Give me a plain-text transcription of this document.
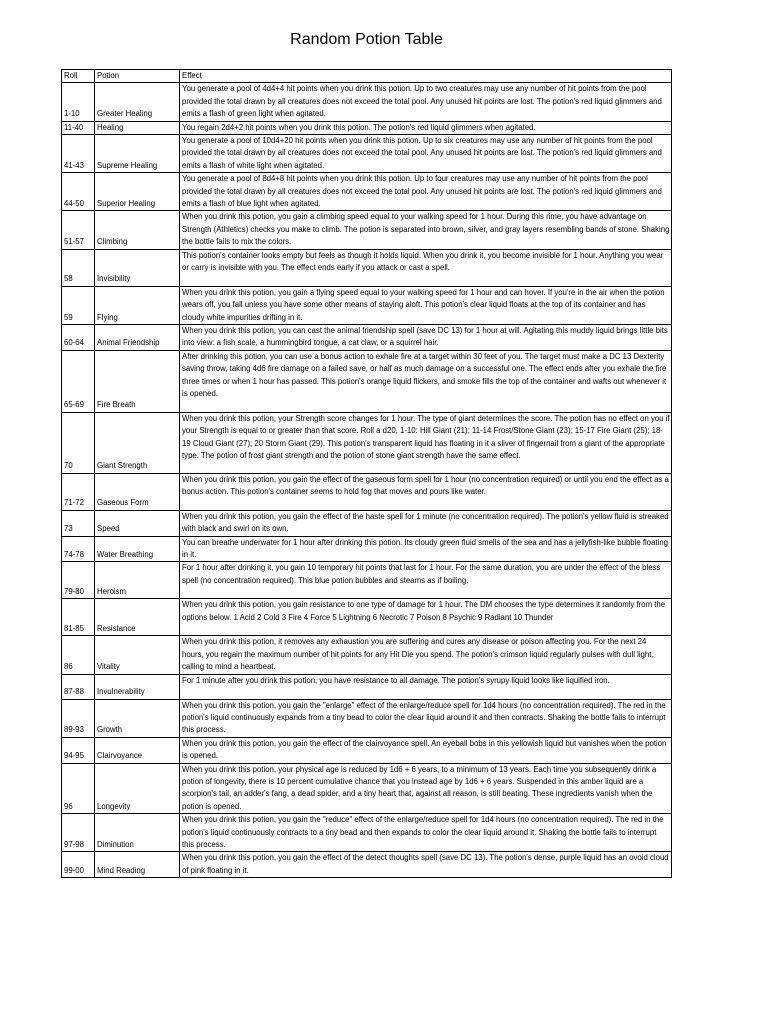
Random Potion Table
Roll	Potion	Effect
1-10	Greater Healing	You generate a pool of 4d4+4 hit points when you drink this potion. Up to two creatures may use any number of hit points from the pool provided the total drawn by all creatures does not exceed the total pool. Any unused hit points are lost. The potion's red liquid glimmers and emits a flash of green light when agitated.
11-40	Healing	You regain 2d4+2 hit points when you drink this potion. The potion's red liquid glimmers when agitated.
41-43	Supreme Healing	You generate a pool of 10d4+20 hit points when you drink this potion. Up to six creatures may use any number of hit points from the pool provided the total drawn by all creatures does not exceed the total pool. Any unused hit points are lost. The potion's red liquid glimmers and emits a flash of white light when agitated.
44-50	Superior Healing	You generate a pool of 8d4+8 hit points when you drink this potion. Up to four creatures may use any number of hit points from the pool provided the total drawn by all creatures does not exceed the total pool. Any unused hit points are lost. The potion's red liquid glimmers and emits a flash of blue light when agitated.
51-57	Climbing	When you drink this potion, you gain a climbing speed equal to your walking speed for 1 hour. During this rime, you have advantage on Strength (Athletics) checks you make to climb. The potion is separated into brown, silver, and gray layers resembling bands of stone. Shaking the bottle fails to mix the colors.
58	Invisibility	This potion's container looks empty but feels as though it holds liquid. When you drink it, you become invisible for 1 hour. Anything you wear or carry is invisible with you. The effect ends early if you attack or cast a spell.
59	Flying	When you drink this potion, you gain a flying speed equal to your walking speed for 1 hour and can hover. If you're in the air when the potion wears off, you fall unless you have some other means of staying aloft. This potion's clear liquid floats at the top of its container and has cloudy white impurities drifting in it.
60-64	Animal Friendship	When you drink this potion, you can cast the animal friendship spell (save DC 13) for 1 hour at will. Agitating this muddy liquid brings little bits into view: a fish scale, a hummingbird tongue, a cat claw, or a squirrel hair.
65-69	Fire Breath	After drinking this potion, you can use a bonus action to exhale fire at a target within 30 feet of you. The target must make a DC 13 Dexterity saving throw, taking 4d6 fire damage on a failed save, or half as much damage on a successful one. The effect ends after you exhale the fire three times or when 1 hour has passed. This potion's orange liquid flickers, and smoke fills the top of the container and wafts out whenever it is opened.
70	Giant Strength	When you drink this potion, your Strength score changes for 1 hour. The type of giant determines the score. The potion has no effect on you if your Strength is equal to or greater than that score. Roll a d20, 1-10: Hill Giant (21); 11-14 Frost/Stone Giant (23); 15-17 Fire Giant (25); 18-19 Cloud Giant (27); 20 Storm Giant (29). This potion's transparent liquid has floating in it a sliver of fingernail from a giant of the appropriate type. The potion of frost giant strength and the potion of stone giant strength have the same effect.
71-72	Gaseous Form	When you drink this potion, you gain the effect of the gaseous form spell for 1 hour (no concentration required) or until you end the effect as a bonus action. This potion's container seems to hold fog that moves and pours like water.
73	Speed	When you drink this potion, you gain the effect of the haste spell for 1 minute (no concentration required). The potion's yellow fluid is streaked with black and swirl on its own.
74-78	Water Breathing	You can breathe underwater for 1 hour after drinking this potion. Its cloudy green fluid smells of the sea and has a jellyfish-like bubble floating in it.
79-80	Heroism	For 1 hour after drinking it, you gain 10 temporary hit points that last for 1 hour. For the same duration, you are under the effect of the bless spell (no concentration required). This blue potion bubbles and steams as if boiling.
81-85	Resistance	When you drink this potion, you gain resistance to one type of damage for 1 hour. The DM chooses the type determines it randomly from the options below. 1 Acid 2 Cold 3 Fire 4 Force 5 Lightning 6 Necrotic 7 Poison 8 Psychic 9 Radiant 10 Thunder
86	Vitality	When you drink this potion, it removes any exhaustion you are suffering and cures any disease or poison affecting you. For the next 24 hours, you regain the maximum number of hit points for any Hit Die you spend. The potion's crimson liquid regularly pulses with dull light, calling to mind a heartbeat.
87-88	Invulnerability	For 1 minute after you drink this potion, you have resistance to all damage. The potion's syrupy liquid looks like liquified iron.
89-93	Growth	When you drink this potion, you gain the "enlarge" effect of the enlarge/reduce spell for 1d4 hours (no concentration required). The red in the potion's liquid continuously expands from a tiny bead to color the clear liquid around it and then contracts. Shaking the bottle fails to interrupt this process.
94-95	Clairvoyance	When you drink this potion, you gain the effect of the clairvoyance spell. An eyeball bobs in this yellowish liquid but vanishes when the potion is opened.
96	Longevity	When you drink this potion, your physical age is reduced by 1d6 + 6 years, to a minimum of 13 years. Each time you subsequently drink a potion of longevity, there is 10 percent cumulative chance that you instead age by 1d6 + 6 years. Suspended in this amber liquid are a scorpion's tail, an adder's fang, a dead spider, and a tiny heart that, against all reason, is still beating. These ingredients vanish when the potion is opened.
97-98	Diminution	When you drink this potion, you gain the "reduce" effect of the enlarge/reduce spell for 1d4 hours (no concentration required). The red in the potion's liquid continuously contracts to a tiny bead and then expands to color the clear liquid around it. Shaking the bottle fails to interrupt this process.
99-00	Mind Reading	When you drink this potion, you gain the effect of the detect thoughts spell (save DC 13). The potion's dense, purple liquid has an ovoid cloud of pink floating in it.
